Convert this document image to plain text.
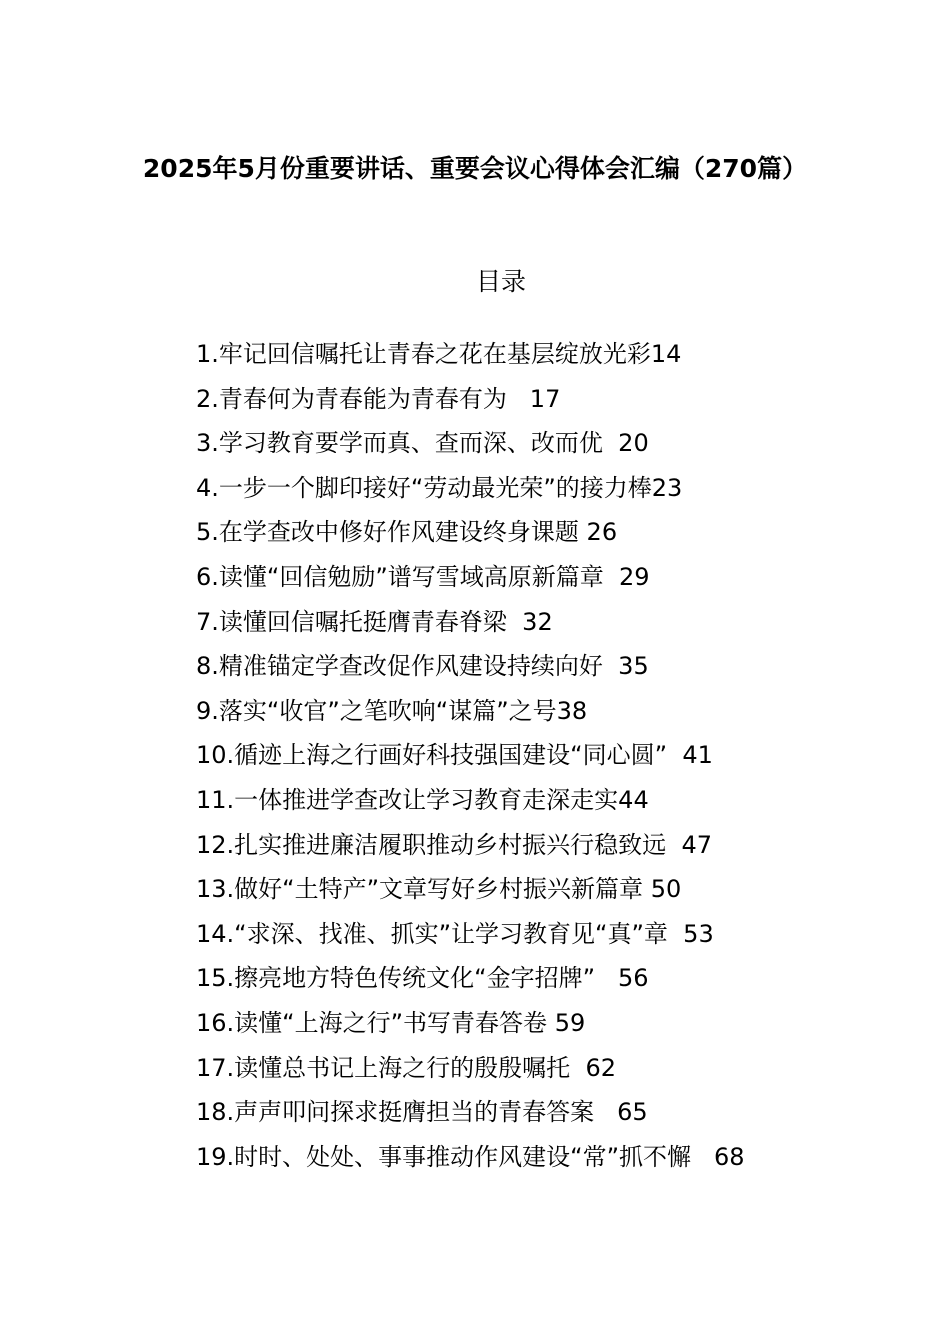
2025年5月份重要讲话、重要会议心得体会汇编（270篇）
目录
1.牢记回信嘱托让青春之花在基层绽放光彩14
2.青春何为青春能为青春有为 17
3.学习教育要学而真、查而深、改而优 20
4.一步一个脚印接好“劳动最光荣”的接力棒23
5.在学查改中修好作风建设终身课题 26
6.读懂“回信勉励”谱写雪域高原新篇章 29
7.读懂回信嘱托挺膺青春脊梁 32
8.精准锚定学查改促作风建设持续向好 35
9.落实“收官”之笔吹响“谋篇”之号38
10.循迹上海之行画好科技强国建设“同心圆” 41
11.一体推进学查改让学习教育走深走实44
12.扎实推进廉洁履职推动乡村振兴行稳致远 47
13.做好“土特产”文章写好乡村振兴新篇章 50
14.“求深、找准、抓实”让学习教育见“真”章 53
15.擦亮地方特色传统文化“金字招牌” 56
16.读懂“上海之行”书写青春答卷 59
17.读懂总书记上海之行的殷殷嘱托 62
18.声声叩问探求挺膺担当的青春答案 65
19.时时、处处、事事推动作风建设“常”抓不懈 68
